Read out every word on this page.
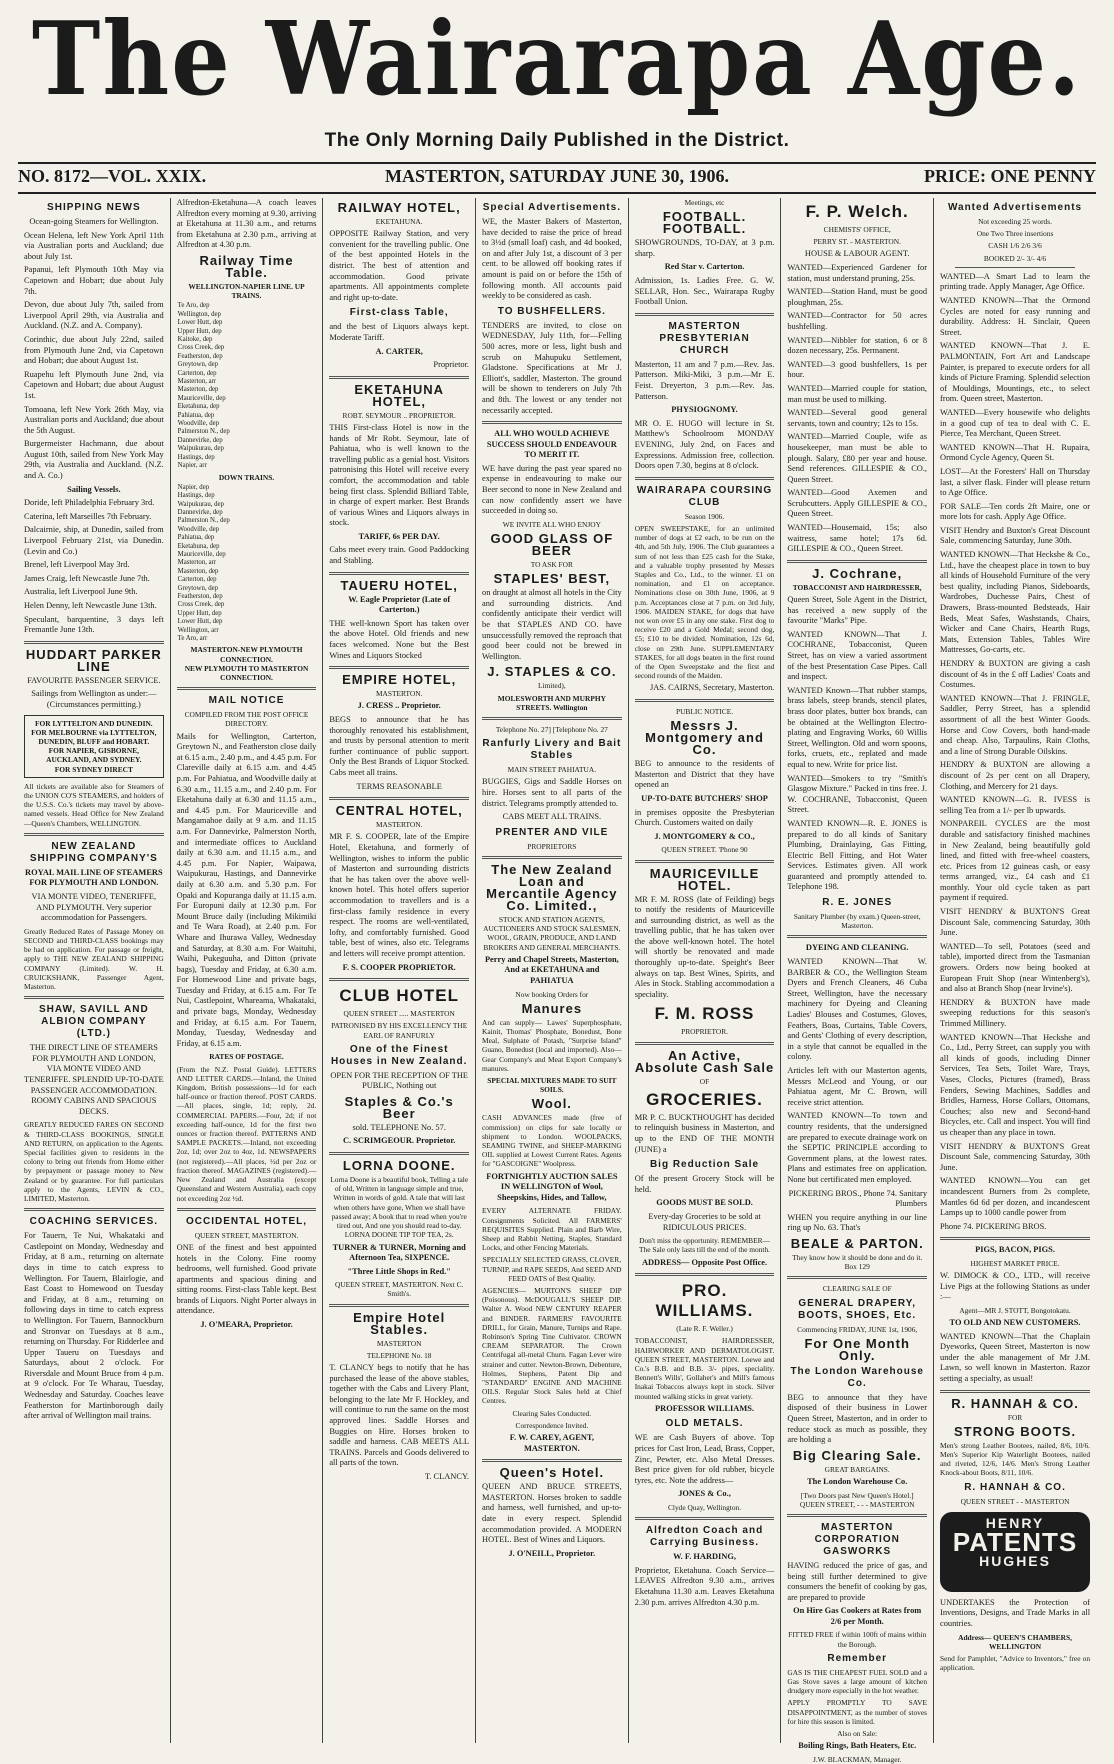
The Wairarapa Age.
The Only Morning Daily Published in the District.
NO. 8172—VOL. XXIX.	MASTERTON, SATURDAY JUNE 30, 1906.	PRICE: ONE PENNY
SHIPPING NEWS
Ocean-going Steamers for Wellington.
Ocean Helena, left New York April 11th via Australian ports and Auckland; due about July 1st.
Papanui, left Plymouth 10th May via Capetown and Hobart; due about July 7th.
Devon, due about July 7th, sailed from Liverpool April 29th, via Australia and Auckland. (N.Z. and A. Company).
Corinthic, due about July 22nd, sailed from Plymouth June 2nd, via Capetown and Hobart; due about August 1st.
Ruapehu left Plymouth June 2nd, via Capetown and Hobart; due about August 1st.
Tomoana, left New York 26th May, via Australian ports and Auckland; due about the 5th August.
Burgermeister Hachmann, due about August 10th, sailed from New York May 29th, via Australia and Auckland. (N.Z. and A. Co.)
Sailing Vessels.
Doride, left Philadelphia February 3rd.
Caterina, left Marseilles 7th February.
Dalcairnie, ship, at Dunedin, sailed from Liverpool February 21st, via Dunedin. (Levin and Co.)
Brenel, left Liverpool May 3rd.
James Craig, left Newcastle June 7th.
Australia, left Liverpool June 9th.
Helen Denny, left Newcastle June 13th.
Speculant, barquentine, 3 days left Fremantle June 13th.
HUDDART PARKER LINE
FAVOURITE PASSENGER SERVICE.
Sailings from Wellington as under:— (Circumstances permitting.)
FOR LYTTELTON AND DUNEDIN.
FOR MELBOURNE via LYTTELTON, DUNEDIN, BLUFF and HOBART.
FOR NAPIER, GISBORNE, AUCKLAND, AND SYDNEY.
FOR SYDNEY DIRECT
All tickets are available also for Steamers of the UNION CO'S STEAMERS, and holders of the U.S.S. Co.'s tickets may travel by above-named vessels. Head Office for New Zealand—Queen's Chambers, WELLINGTON.
NEW ZEALAND SHIPPING COMPANY'S
ROYAL MAIL LINE OF STEAMERS FOR PLYMOUTH AND LONDON.
VIA MONTE VIDEO, TENERIFFE, AND PLYMOUTH. Very superior accommodation for Passengers.
Greatly Reduced Rates of Passage Money on SECOND and THIRD-CLASS bookings may be had on application. For passage or freight, apply to THE NEW ZEALAND SHIPPING COMPANY (Limited). W. H. CRUICKSHANK, Passenger Agent, Masterton.
SHAW, SAVILL AND ALBION COMPANY (LTD.)
THE DIRECT LINE OF STEAMERS FOR PLYMOUTH AND LONDON, VIA MONTE VIDEO AND TENERIFFE. SPLENDID UP-TO-DATE PASSENGER ACCOMMODATION. ROOMY CABINS AND SPACIOUS DECKS.
GREATLY REDUCED FARES ON SECOND & THIRD-CLASS BOOKINGS, SINGLE AND RETURN, on application to the Agents. Special facilities given to residents in the colony to bring out friends from Home either by prepayment or passage money to New Zealand or by guarantee. For full particulars apply to the Agents, LEVIN & CO., LIMITED, Masterton.
COACHING SERVICES.
For Tauern, Te Nui, Whakataki and Castlepoint on Monday, Wednesday and Friday, at 8 a.m., returning on alternate days in time to catch express to Wellington. For Tauern, Blairlogie, and East Coast to Homewood on Tuesday and Friday, at 8 a.m., returning on following days in time to catch express to Wellington. For Tauern, Bannockburn and Stronvar on Tuesdays at 8 a.m., returning on Thursday. For Ridderlee and Upper Taueru on Tuesdays and Saturdays, about 2 o'clock. For Riversdale and Mount Bruce from 4 p.m. at 9 o'clock. For Te Wharau, Tuesday, Wednesday and Saturday. Coaches leave Featherston for Martinborough daily after arrival of Wellington mail trains.
Alfredton-Eketahuna—A coach leaves Alfredton every morning at 9.30, arriving at Eketahuna at 11.30 a.m., and returns from Eketahuna at 2.30 p.m., arriving at Alfredton at 4.30 p.m.
Railway Time Table.
WELLINGTON-NAPIER LINE. UP TRAINS.
Te Aro, dep
Wellington, dep
Lower Hutt, dep
Upper Hutt, dep
Kaitoke, dep
Cross Creek, dep
Featherston, dep
Greytown, dep
Carterton, dep
Masterton, arr
Masterton, dep
Mauriceville, dep
Eketahuna, dep
Pahiatua, dep
Woodville, dep
Palmerston N., dep
Dannevirke, dep
Waipukurau, dep
Hastings, dep
Napier, arr
DOWN TRAINS.
Napier, dep
Hastings, dep
Waipukurau, dep
Dannevirke, dep
Palmerston N., dep
Woodville, dep
Pahiatua, dep
Eketahuna, dep
Mauriceville, dep
Masterton, arr
Masterton, dep
Carterton, dep
Greytown, dep
Featherston, dep
Cross Creek, dep
Upper Hutt, dep
Lower Hutt, dep
Wellington, arr
Te Aro, arr
MASTERTON-NEW PLYMOUTH CONNECTION.
NEW PLYMOUTH TO MASTERTON CONNECTION.
MAIL NOTICE
COMPILED FROM THE POST OFFICE DIRECTORY.
Mails for Wellington, Carterton, Greytown N., and Featherston close daily at 6.15 a.m., 2.40 p.m., and 4.45 p.m. For Clareville daily at 6.15 a.m. and 4.45 p.m. For Pahiatua, and Woodville daily at 6.30 a.m., 11.15 a.m., and 2.40 p.m. For Eketahuna daily at 6.30 and 11.15 a.m., and 4.45 p.m. For Mauriceville and Mangamahoe daily at 9 a.m. and 11.15 a.m. For Dannevirke, Palmerston North, and intermediate offices to Auckland daily at 6.30 a.m. and 11.15 a.m., and 4.45 p.m. For Napier, Waipawa, Waipukurau, Hastings, and Dannevirke daily at 6.30 a.m. and 5.30 p.m. For Opaki and Kopuranga daily at 11.15 a.m. For Europuni daily at 12.30 p.m. For Mount Bruce daily (including Mikimiki and Te Wara Road), at 2.40 p.m. For Whare and Ihurawa Valley, Wednesday and Saturday, at 8.30 a.m. For Waituhi, Waihi, Pukeguuha, and Ditton (private bags), Tuesday and Friday, at 6.30 a.m. For Homewood Line and private bags, Tuesday and Friday, at 6.15 a.m. For Te Nui, Castlepoint, Whareama, Whakataki, and private bags, Monday, Wednesday and Friday, at 6.15 a.m. For Tauern, Monday, Tuesday, Wednesday and Friday, at 6.15 a.m.
RATES OF POSTAGE.
(From the N.Z. Postal Guide). LETTERS AND LETTER CARDS.—Inland, the United Kingdom, British possessions—1d for each half-ounce or fraction thereof. POST CARDS.—All places, single, 1d; reply, 2d. COMMERCIAL PAPERS.—Four, 2d; if not exceeding half-ounce, 1d for the first two ounces or fraction thereof. PATTERNS AND SAMPLE PACKETS.—Inland, not exceeding 2oz, 1d; over 2oz to 4oz, 1d. NEWSPAPERS (not registered).—All places, ½d per 2oz or fraction thereof. MAGAZINES (registered).—New Zealand and Australia (except Queensland and Western Australia), each copy not exceeding 2oz ½d.
OCCIDENTAL HOTEL,
QUEEN STREET, MASTERTON.
ONE of the finest and best appointed hotels in the Colony. Fine roomy bedrooms, well furnished. Good private apartments and spacious dining and sitting rooms. First-class Table kept. Best brands of Liquors. Night Porter always in attendance.
J. O'MEARA, Proprietor.
RAILWAY HOTEL,
EKETAHUNA.
OPPOSITE Railway Station, and very convenient for the travelling public. One of the best appointed Hotels in the district. The best of attention and accommodation. Good private apartments. All appointments complete and right up-to-date.
First-class Table,
and the best of Liquors always kept. Moderate Tariff.
A. CARTER,
Proprietor.
EKETAHUNA HOTEL,
ROBT. SEYMOUR .. PROPRIETOR.
THIS First-class Hotel is now in the hands of Mr Robt. Seymour, late of Pahiatua, who is well known to the travelling public as a genial host. Visitors patronising this Hotel will receive every comfort, the accommodation and table being first class. Splendid Billiard Table, in charge of expert marker. Best Brands of various Wines and Liquors always in stock.
TARIFF, 6s PER DAY.
Cabs meet every train. Good Paddocking and Stabling.
TAUERU HOTEL,
W. Eagle Proprietor (Late of Carterton.)
THE well-known Sport has taken over the above Hotel. Old friends and new faces welcomed. None but the Best Wines and Liquors Stocked
EMPIRE HOTEL,
MASTERTON.
J. CRESS .. Proprietor.
BEGS to announce that he has thoroughly renovated his establishment, and trusts by personal attention to merit further continuance of public support. Only the Best Brands of Liquor Stocked. Cabs meet all trains.
TERMS REASONABLE
CENTRAL HOTEL,
MASTERTON.
MR F. S. COOPER, late of the Empire Hotel, Eketahuna, and formerly of Wellington, wishes to inform the public of Masterton and surrounding districts that he has taken over the above well-known hotel. This hotel offers superior accommodation to travellers and is a first-class family residence in every respect. The rooms are well-ventilated, lofty, and comfortably furnished. Good table, best of wines, also etc. Telegrams and letters will receive prompt attention.
F. S. COOPER PROPRIETOR.
CLUB HOTEL
QUEEN STREET ..... MASTERTON
PATRONISED BY HIS EXCELLENCY THE EARL OF RANFURLY
One of the Finest Houses in New Zealand.
OPEN FOR THE RECEPTION OF THE PUBLIC, Nothing out
Staples & Co.'s Beer
sold. TELEPHONE No. 57.
C. SCRIMGEOUR. Proprietor.
LORNA DOONE.
Lorna Doone is a beautiful book, Telling a tale of old, Written in language simple and true, Written in words of gold. A tale that will last when others have gone, When we shall have passed away; A book that to read when you're tired out, And one you should read to-day. LORNA DOONE TIP TOP TEA, 2s.
TURNER & TURNER, Morning and Afternoon Tea, SIXPENCE.
"Three Little Shops in Red."
QUEEN STREET, MASTERTON. Next C. Smith's.
Empire Hotel Stables.
MASTERTON
TELEPHONE No. 18
T. CLANCY begs to notify that he has purchased the lease of the above stables, together with the Cabs and Livery Plant, belonging to the late Mr F. Hockley, and will continue to run the same on the most approved lines. Saddle Horses and Buggies on Hire. Horses broken to saddle and harness. CAB MEETS ALL TRAINS. Parcels and Goods delivered to all parts of the town.
T. CLANCY.
Special Advertisements.
WE, the Master Bakers of Masterton, have decided to raise the price of bread to 3½d (small loaf) cash, and 4d booked, on and after July 1st, a discount of 3 per cent. to be allowed off booking rates if amount is paid on or before the 15th of following month. All accounts paid weekly to be considered as cash.
TO BUSHFELLERS.
TENDERS are invited, to close on WEDNESDAY, July 11th, for—Felling 500 acres, more or less, light bush and scrub on Mahupuku Settlement, Gladstone. Specifications at Mr J. Elliott's, saddler, Masterton. The ground will be shown to tenderers on July 7th and 8th. The lowest or any tender not necessarily accepted.
ALL WHO WOULD ACHIEVE SUCCESS SHOULD ENDEAVOUR TO MERIT IT.
WE have during the past year spared no expense in endeavouring to make our Beer second to none in New Zealand and can now confidently assert we have succeeded in doing so.
WE INVITE ALL WHO ENJOY
GOOD GLASS OF BEER
TO ASK FOR
STAPLES' BEST,
on draught at almost all hotels in the City and surrounding districts. And confidently anticipate their verdict will be that STAPLES AND CO. have unsuccessfully removed the reproach that good beer could not be brewed in Wellington.
J. STAPLES & CO.
Limited),
MOLESWORTH AND MURPHY STREETS. Wellington
Telephone No. 27] [Telephone No. 27
Ranfurly Livery and Bait Stables
MAIN STREET PAHIATUA.
BUGGIES, Gigs and Saddle Horses on hire. Horses sent to all parts of the district. Telegrams promptly attended to.
CABS MEET ALL TRAINS.
PRENTER AND VILE
PROPRIETORS
The New Zealand Loan and Mercantile Agency Co. Limited.,
STOCK AND STATION AGENTS, AUCTIONEERS AND STOCK SALESMEN, WOOL, GRAIN, PRODUCE, AND LAND BROKERS AND GENERAL MERCHANTS.
Perry and Chapel Streets, Masterton, And at EKETAHUNA and PAHIATUA
Now booking Orders for
Manures
And can supply— Lawes' Superphosphate, Kainit, Thomas' Phosphate, Bonedust, Bone Meal, Sulphate of Potash, "Surprise Island" Guano, Bonedust (local and imported). Also— Gear Company's and Meat Export Company's manures.
SPECIAL MIXTURES MADE TO SUIT SOILS.
Wool.
CASH ADVANCES made (free of commission) on clips for sale locally or shipment to London. WOOLPACKS, SEAMING TWINE, and SHEEP-MARKING OIL supplied at Lowest Current Rates. Agents for "GASCOIGNE" Woolpress.
FORTNIGHTLY AUCTION SALES IN WELLINGTON of Wool, Sheepskins, Hides, and Tallow,
EVERY ALTERNATE FRIDAY. Consignments Solicited. All FARMERS' REQUISITES Supplied. Plain and Barb Wire, Sheep and Rabbit Netting, Staples, Standard Locks, and other Fencing Materials.
SPECIALLY SELECTED GRASS, CLOVER, TURNIP, and RAPE SEEDS, And SEED AND FEED OATS of Best Quality.
AGENCIES— MURTON'S SHEEP DIP (Poisonous). McDOUGALL'S SHEEP DIP. Walter A. Wood NEW CENTURY REAPER and BINDER. FARMERS' FAVOURITE DRILL, for Grain, Manure, Turnips and Rape. Robinson's Spring Tine Cultivator. CROWN CREAM SEPARATOR. The Crown Centrifugal all-metal Churn. Fagan Lever wire strainer and cutter. Newton-Brown, Debenture, Holmes, Stephens, Patent Dip and "STANDARD" ENGINE AND MACHINE OILS. Regular Stock Sales held at Chief Centres.
Clearing Sales Conducted.
Correspondence Invited.
F. W. CAREY, AGENT, MASTERTON.
Queen's Hotel.
QUEEN AND BRUCE STREETS, MASTERTON. Horses broken to saddle and harness, well furnished, and up-to-date in every respect. Splendid accommodation provided. A MODERN HOTEL. Best of Wines and Liquors.
J. O'NEILL, Proprietor.
Meetings, etc
FOOTBALL. FOOTBALL.
SHOWGROUNDS, TO-DAY, at 3 p.m. sharp.
Red Star v. Carterton.
Admission, 1s. Ladies Free. G. W. SELLAR, Hon. Sec., Wairarapa Rugby Football Union.
MASTERTON PRESBYTERIAN CHURCH
Masterton, 11 am and 7 p.m.—Rev. Jas. Patterson. Miki-Miki, 3 p.m.—Mr E. Feist. Dreyerton, 3 p.m.—Rev. Jas. Patterson.
PHYSIOGNOMY.
MR O. E. HUGO will lecture in St. Matthew's Schoolroom MONDAY EVENING, July 2nd, on Faces and Expressions. Admission free, collection. Doors open 7.30, begins at 8 o'clock.
WAIRARAPA COURSING CLUB
Season 1906.
OPEN SWEEPSTAKE, for an unlimited number of dogs at £2 each, to be run on the 4th, and 5th July, 1906. The Club guarantees a sum of not less than £25 cash for the Stake, and a valuable trophy presented by Messrs Staples and Co., Ltd., to the winner. £1 on nomination, and £1 on acceptance. Nominations close on 30th June, 1906, at 9 p.m. Acceptances close at 7 p.m. on 3rd July, 1906. MAIDEN STAKE, for dogs that have not won over £5 in any one stake. First dog to receive £20 and a Gold Medal; second dog, £5; £10 to be divided. Nomination, 12s 6d, close on 29th June. SUPPLEMENTARY STAKES, for all dogs beaten in the first round of the Open Sweepstake and the first and second rounds of the Maiden.
JAS. CAIRNS, Secretary, Masterton.
PUBLIC NOTICE.
Messrs J. Montgomery and Co.
BEG to announce to the residents of Masterton and District that they have opened an
UP-TO-DATE BUTCHERS' SHOP
in premises opposite the Presbyterian Church. Customers waited on daily
J. MONTGOMERY & CO.,
QUEEN STREET. 'Phone 90
MAURICEVILLE HOTEL.
MR F. M. ROSS (late of Feilding) begs to notify the residents of Mauriceville and surrounding district, as well as the travelling public, that he has taken over the above well-known hotel. The hotel will shortly be renovated and made thoroughly up-to-date. Speight's Beer always on tap. Best Wines, Spirits, and Ales in Stock. Stabling accommodation a speciality.
F. M. ROSS
PROPRIETOR.
An Active, Absolute Cash Sale
OF
GROCERIES.
MR P. C. BUCKTHOUGHT has decided to relinquish business in Masterton, and up to the END OF THE MONTH (JUNE) a
Big Reduction Sale
Of the present Grocery Stock will be held.
GOODS MUST BE SOLD.
Every-day Groceries to be sold at RIDICULOUS PRICES.
Don't miss the opportunity. REMEMBER—The Sale only lasts till the end of the month.
ADDRESS— Opposite Post Office.
PRO. WILLIAMS.
(Late R. F. Weller.)
TOBACCONIST, HAIRDRESSER, HAIRWORKER AND DERMATOLOGIST. QUEEN STREET, MASTERTON. Loewe and Co.'s B.B. and B.B. 3/- pipes, speciality. Bennett's Wills', Gollaher's and Mill's famous Inakai Tobaccos always kept in stock. Silver mounted walking sticks in great variety.
PROFESSOR WILLIAMS.
OLD METALS.
WE are Cash Buyers of above. Top prices for Cast Iron, Lead, Brass, Copper, Zinc, Pewter, etc. Also Metal Dresses. Best price given for old rubber, bicycle tyres, etc. Note the address—
JONES & Co.,
Clyde Quay, Wellington.
Alfredton Coach and Carrying Business.
W. F. HARDING,
Proprietor, Eketahuna. Coach Service— LEAVES Alfredton 9.30 a.m., arrives Eketahuna 11.30 a.m. Leaves Eketahuna 2.30 p.m. arrives Alfredton 4.30 p.m.
F. P. Welch.
CHEMISTS' OFFICE,
PERRY ST. - MASTERTON.
HOUSE & LABOUR AGENT.
WANTED—Experienced Gardener for station, must understand pruning, 25s.
WANTED—Station Hand, must be good ploughman, 25s.
WANTED—Contractor for 50 acres bushfelling.
WANTED—Nibbler for station, 6 or 8 dozen necessary, 25s. Permanent.
WANTED—3 good bushfellers, 1s per hour.
WANTED—Married couple for station, man must be used to milking.
WANTED—Several good general servants, town and country; 12s to 15s.
WANTED—Married Couple, wife as housekeeper, man must be able to plough. Salary, £80 per year and house. Send references. GILLESPIE & CO., Queen Street.
WANTED—Good Axemen and Scrubcutters. Apply GILLESPIE & CO., Queen Street.
WANTED—Housemaid, 15s; also waitress, same hotel; 17s 6d. GILLESPIE & CO., Queen Street.
J. Cochrane,
TOBACCONIST AND HAIRDRESSER,
Queen Street, Sole Agent in the District, has received a new supply of the favourite "Marks" Pipe.
WANTED KNOWN—That J. COCHRANE, Tobacconist, Queen Street, has on view a varied assortment of the best Presentation Case Pipes. Call and inspect.
WANTED Known—That rubber stamps, brass labels, steep brands, stencil plates, brass door plates, butter box brands, can be obtained at the Wellington Electro-plating and Engraving Works, 60 Willis Street, Wellington. Old and worn spoons, forks, cruets, etc., replated and made equal to new. Write for price list.
WANTED—Smokers to try "Smith's Glasgow Mixture." Packed in tins free. J. W. COCHRANE, Tobacconist, Queen Street.
WANTED KNOWN—R. E. JONES is prepared to do all kinds of Sanitary Plumbing, Drainlaying, Gas Fitting, Electric Bell Fitting, and Hot Water Services. Estimates given. All work guaranteed and promptly attended to. Telephone 198.
R. E. JONES
Sanitary Plumber (by exam.) Queen-street, Masterton.
DYEING AND CLEANING.
WANTED KNOWN—That W. BARBER & CO., the Wellington Steam Dyers and French Cleaners, 46 Cuba Street, Wellington, have the necessary machinery for Dyeing and Cleaning Ladies' Blouses and Costumes, Gloves, Feathers, Boas, Curtains, Table Covers, and Gents' Clothing of every description, in a style that cannot be equalled in the colony.
Articles left with our Masterton agents, Messrs McLeod and Young, or our Pahiatua agent, Mr C. Brown, will receive strict attention.
WANTED KNOWN—To town and country residents, that the undersigned are prepared to execute drainage work on the SEPTIC PRINCIPLE according to Government plans, at the lowest rates. Plans and estimates free on application. None but certificated men employed.
PICKERING BROS., Phone 74. Sanitary Plumbers
WHEN you require anything in our line ring up No. 63. That's
BEALE & PARTON.
They know how it should be done and do it. Box 129
CLEARING SALE OF
GENERAL DRAPERY, BOOTS, SHOES, Etc.
Commencing FRIDAY, JUNE 1st, 1906,
For One Month Only.
The London Warehouse Co.
BEG to announce that they have disposed of their business in Lower Queen Street, Masterton, and in order to reduce stock as much as possible, they are holding a
Big Clearing Sale.
GREAT BARGAINS.
The London Warehouse Co.
[Two Doors past New Queen's Hotel.] QUEEN STREET, - - - MASTERTON
MASTERTON CORPORATION GASWORKS
HAVING reduced the price of gas, and being still further determined to give consumers the benefit of cooking by gas, are prepared to provide
On Hire Gas Cookers at Rates from 2/6 per Month.
FITTED FREE if within 100ft of mains within the Borough.
Remember
GAS IS THE CHEAPEST FUEL SOLD and a Gas Stove saves a large amount of kitchen drudgery more especially in the hot weather.
APPLY PROMPTLY TO SAVE DISAPPOINTMENT, as the number of stoves for hire this season is limited.
Also on Sale:
Boiling Rings, Bath Heaters, Etc.
J.W. BLACKMAN, Manager.
Wanted Advertisements
Not exceeding 25 words.
One Two Three insertions
CASH 1/6 2/6 3/6
BOOKED 2/- 3/- 4/6
WANTED—A Smart Lad to learn the printing trade. Apply Manager, Age Office.
WANTED KNOWN—That the Ormond Cycles are noted for easy running and durability. Address: H. Sinclair, Queen Street.
WANTED KNOWN—That J. E. PALMONTAIN, Fort Art and Landscape Painter, is prepared to execute orders for all kinds of Picture Framing. Splendid selection of Mouldings, Mountings, etc., to select from. Queen street, Masterton.
WANTED—Every housewife who delights in a good cup of tea to deal with C. E. Pierce, Tea Merchant, Queen Street.
WANTED KNOWN—That H. Rupaira, Ormond Cycle Agency, Queen St.
LOST—At the Foresters' Hall on Thursday last, a silver flask. Finder will please return to Age Office.
FOR SALE—Ten cords 2ft Maire, one or more lots for cash. Apply Age Office.
VISIT Hendry and Buxton's Great Discount Sale, commencing Saturday, June 30th.
WANTED KNOWN—That Heckshe & Co., Ltd., have the cheapest place in town to buy all kinds of Household Furniture of the very best quality, including Pianos, Sideboards, Wardrobes, Duchesse Pairs, Chest of Drawers, Brass-mounted Bedsteads, Hair Beds, Meat Safes, Washstands, Chairs, Wicker and Cane Chairs, Hearth Rugs, Mats, Extension Tables, Tables Wire Mattresses, Go-carts, etc.
HENDRY & BUXTON are giving a cash discount of 4s in the £ off Ladies' Coats and Costumes.
WANTED KNOWN—That J. FRINGLE, Saddler, Perry Street, has a splendid assortment of all the best Winter Goods. Horse and Cow Covers, both hand-made and cheap. Also, Tarpaulins, Rain Cloths, and a line of Strong Durable Oilskins.
HENDRY & BUXTON are allowing a discount of 2s per cent on all Drapery, Clothing, and Mercery for 21 days.
WANTED KNOWN—G. R. IVESS is selling Tea from a 1/- per lb upwards.
NONPAREIL CYCLES are the most durable and satisfactory finished machines in New Zealand, being beautifully gold lined, and fitted with free-wheel coasters, etc. Prices from 12 guineas cash, or easy terms arranged, viz., £4 cash and £1 monthly. Your old cycle taken as part payment if required.
VISIT HENDRY & BUXTON'S Great Discount Sale, commencing Saturday, 30th June.
WANTED—To sell, Potatoes (seed and table), imported direct from the Tasmanian growers. Orders now being booked at European Fruit Shop (near Wintenberg's), and also at Branch Shop (near Irvine's).
HENDRY & BUXTON have made sweeping reductions for this season's Trimmed Millinery.
WANTED KNOWN—That Heckshe and Co., Ltd., Perry Street, can supply you with all kinds of goods, including Dinner Services, Tea Sets, Toilet Ware, Trays, Vases, Clocks, Pictures (framed), Brass Fenders, Sewing Machines, Saddles and Bridles, Harness, Horse Collars, Ottomans, Couches; also new and Second-hand Bicycles, etc. Call and inspect. You will find us cheaper than any place in town.
VISIT HENDRY & BUXTON'S Great Discount Sale, commencing Saturday, 30th June.
WANTED KNOWN—You can get incandescent Burners from 2s complete, Mantles 6d 6d per dozen, and incandescent Lamps up to 1000 candle power from
Phone 74. PICKERING BROS.
PIGS, BACON, PIGS.
HIGHEST MARKET PRICE.
W. DIMOCK & CO., LTD., will receive Live Pigs at the following Stations as under :—
Agent—MR J. STOTT, Bongotokatu.
TO OLD AND NEW CUSTOMERS.
WANTED KNOWN—That the Chaplain Dyeworks, Queen Street, Masterton is now under the able management of Mr J.M. Lawn, so well known in Masterton. Razor setting a specialty, as usual!
R. HANNAH & CO.
FOR
STRONG BOOTS.
Men's strong Leather Bootees, nailed, 8/6, 10/6. Men's Superior Kip Waterlight Bootees, nailed and riveted, 12/6, 14/6. Men's Strong Leather Knock-about Boots, 8/11, 10/6.
R. HANNAH & CO.
QUEEN STREET - - MASTERTON
HENRY
PATENTS
HUGHES
UNDERTAKES the Protection of Inventions, Designs, and Trade Marks in all countries.
Address— QUEEN'S CHAMBERS, WELLINGTON
Send for Pamphlet, "Advice to Inventors," free on application.
